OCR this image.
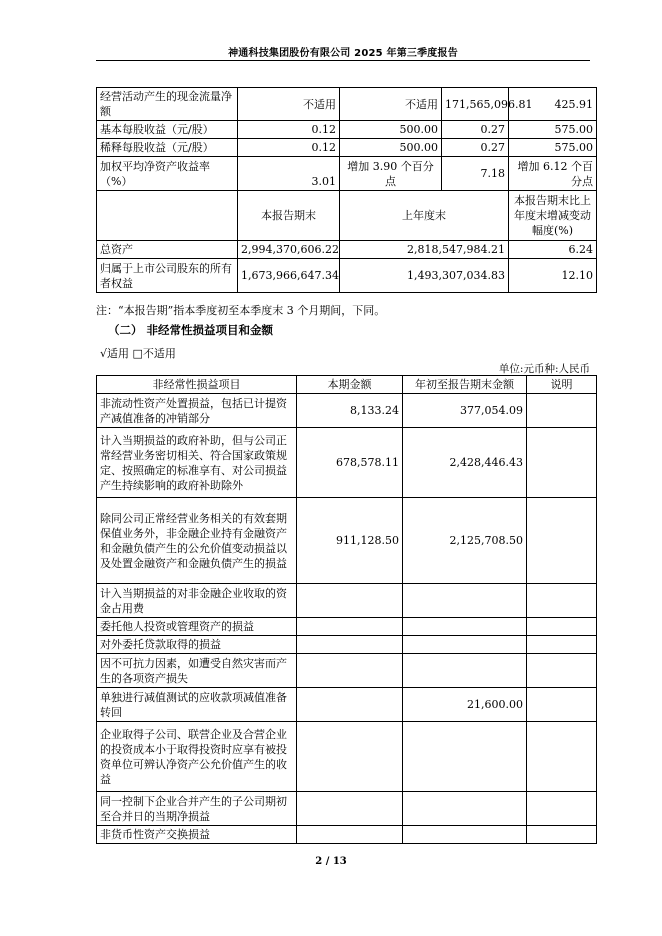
神通科技集团股份有限公司 2025 年第三季度报告
经营活动产生的现金流量净额	不适用	不适用	171,565,096.81	425.91
基本每股收益（元/股）	0.12	500.00	0.27	575.00
稀释每股收益（元/股）	0.12	500.00	0.27	575.00
加权平均净资产收益率（%）	3.01	增加 3.90 个百分点	7.18	增加 6.12 个百分点
	本报告期末	上年度末		本报告期末比上年度末增减变动幅度(%)
总资产	2,994,370,606.22	2,818,547,984.21		6.24
归属于上市公司股东的所有者权益	1,673,966,647.34	1,493,307,034.83		12.10
注：“本报告期”指本季度初至本季度末 3 个月期间，下同。
（二） 非经常性损益项目和金额
√适用 □不适用
单位:元币种:人民币
非经常性损益项目	本期金额	年初至报告期末金额	说明
非流动性资产处置损益，包括已计提资产减值准备的冲销部分	8,133.24	377,054.09	
计入当期损益的政府补助，但与公司正常经营业务密切相关、符合国家政策规定、按照确定的标准享有、对公司损益产生持续影响的政府补助除外	678,578.11	2,428,446.43	
除同公司正常经营业务相关的有效套期保值业务外，非金融企业持有金融资产和金融负债产生的公允价值变动损益以及处置金融资产和金融负债产生的损益	911,128.50	2,125,708.50	
计入当期损益的对非金融企业收取的资金占用费			
委托他人投资或管理资产的损益			
对外委托贷款取得的损益			
因不可抗力因素，如遭受自然灾害而产生的各项资产损失			
单独进行减值测试的应收款项减值准备转回		21,600.00	
企业取得子公司、联营企业及合营企业的投资成本小于取得投资时应享有被投资单位可辨认净资产公允价值产生的收益			
同一控制下企业合并产生的子公司期初至合并日的当期净损益			
非货币性资产交换损益			
2 / 13
